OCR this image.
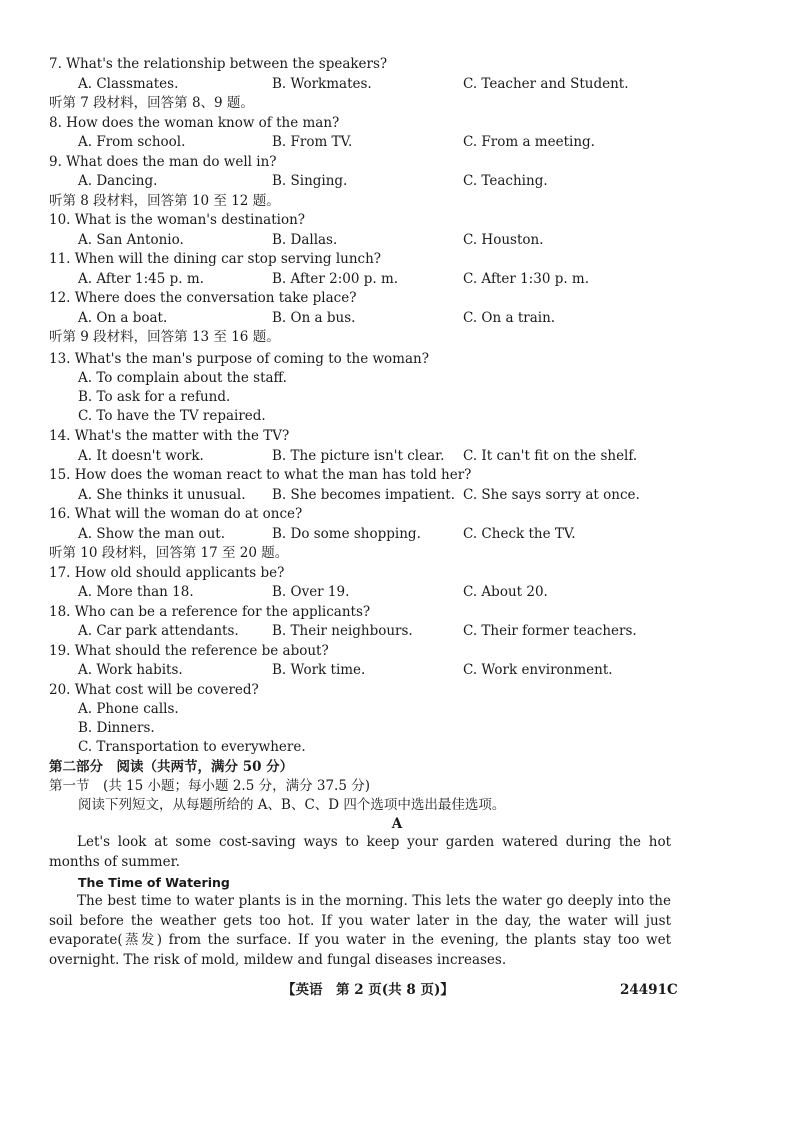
7. What's the relationship between the speakers?
A. Classmates.	B. Workmates.	C. Teacher and Student.
听第 7 段材料，回答第 8、9 题。
8. How does the woman know of the man?
A. From school.	B. From TV.	C. From a meeting.
9. What does the man do well in?
A. Dancing.	B. Singing.	C. Teaching.
听第 8 段材料，回答第 10 至 12 题。
10. What is the woman's destination?
A. San Antonio.	B. Dallas.	C. Houston.
11. When will the dining car stop serving lunch?
A. After 1:45 p. m.	B. After 2:00 p. m.	C. After 1:30 p. m.
12. Where does the conversation take place?
A. On a boat.	B. On a bus.	C. On a train.
听第 9 段材料，回答第 13 至 16 题。
13. What's the man's purpose of coming to the woman?
A. To complain about the staff.
B. To ask for a refund.
C. To have the TV repaired.
14. What's the matter with the TV?
A. It doesn't work.	B. The picture isn't clear. C. It can't fit on the shelf.
15. How does the woman react to what the man has told her?
A. She thinks it unusual. B. She becomes impatient. C. She says sorry at once.
16. What will the woman do at once?
A. Show the man out.	B. Do some shopping.	C. Check the TV.
听第 10 段材料，回答第 17 至 20 题。
17. How old should applicants be?
A. More than 18.	B. Over 19.	C. About 20.
18. Who can be a reference for the applicants?
A. Car park attendants. B. Their neighbours.	C. Their former teachers.
19. What should the reference be about?
A. Work habits.	B. Work time.	C. Work environment.
20. What cost will be covered?
A. Phone calls.
B. Dinners.
C. Transportation to everywhere.
第二部分　阅读（共两节，满分 50 分）
第一节　(共 15 小题；每小题 2.5 分，满分 37.5 分)
阅读下列短文，从每题所给的 A、B、C、D 四个选项中选出最佳选项。
A
Let's look at some cost-saving ways to keep your garden watered during the hot months of summer.
The Time of Watering
The best time to water plants is in the morning. This lets the water go deeply into the soil before the weather gets too hot. If you water later in the day, the water will just evaporate(蒸发) from the surface. If you water in the evening, the plants stay too wet overnight. The risk of mold, mildew and fungal diseases increases.
【英语　第 2 页(共 8 页)】	24491C
